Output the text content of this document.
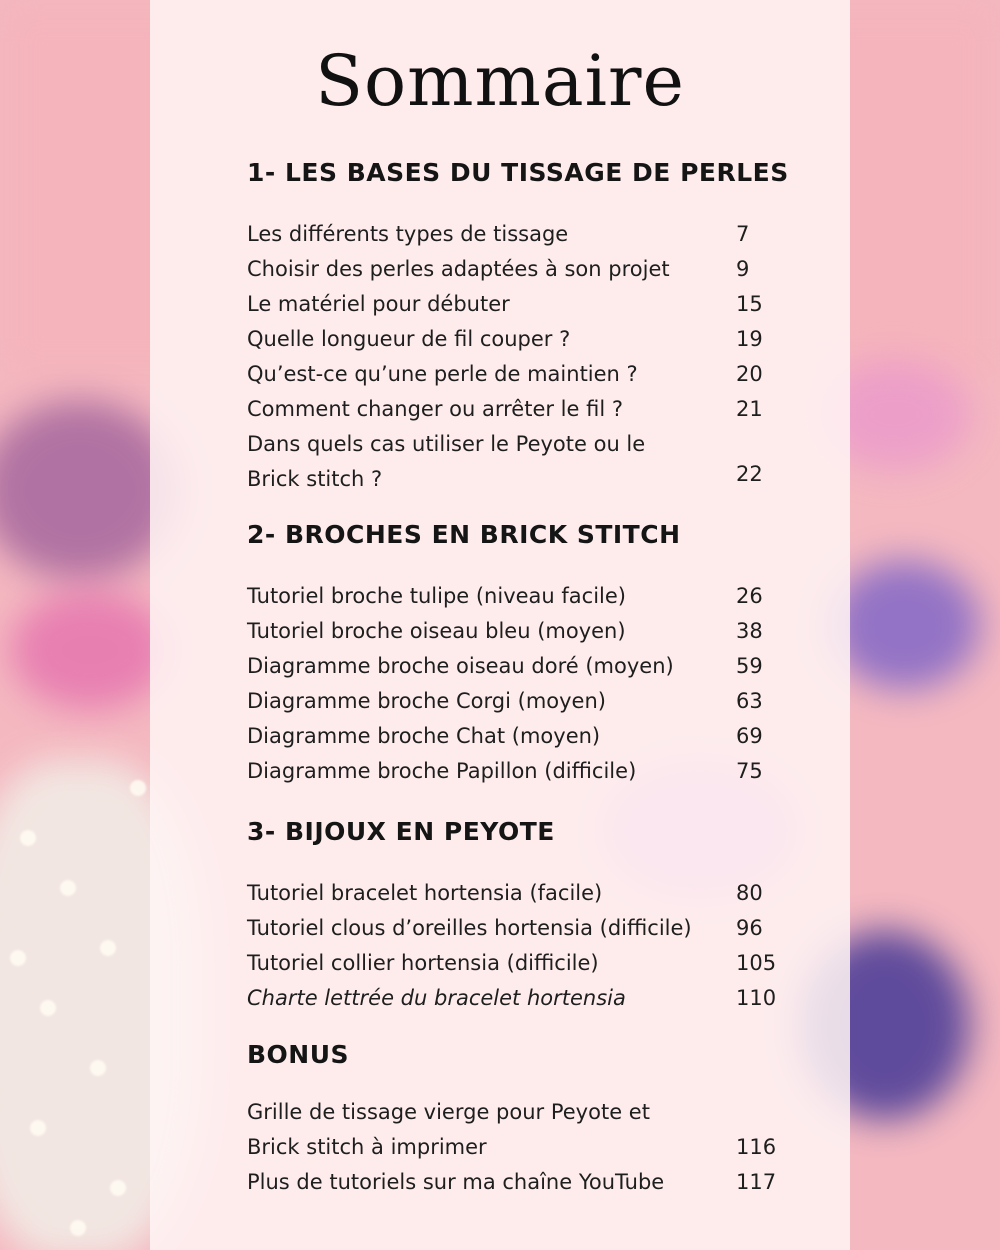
Sommaire
1- LES BASES DU TISSAGE DE PERLES
Les différents types de tissage	7
Choisir des perles adaptées à son projet	9
Le matériel pour débuter	15
Quelle longueur de fil couper ?	19
Qu’est-ce qu’une perle de maintien ?	20
Comment changer ou arrêter le fil ?	21
Dans quels cas utiliser le Peyote ou le
Brick stitch ?	22
2- BROCHES EN BRICK STITCH
Tutoriel broche tulipe (niveau facile)	26
Tutoriel broche oiseau bleu (moyen)	38
Diagramme broche oiseau doré (moyen)	59
Diagramme broche Corgi (moyen)	63
Diagramme broche Chat (moyen)	69
Diagramme broche Papillon (difficile)	75
3- BIJOUX EN PEYOTE
Tutoriel bracelet hortensia (facile)	80
Tutoriel clous d’oreilles hortensia (difficile) 96
Tutoriel collier hortensia (difficile)	105
Charte lettrée du bracelet hortensia	110
BONUS
Grille de tissage vierge pour Peyote et
Brick stitch à imprimer	116
Plus de tutoriels sur ma chaîne YouTube	117
